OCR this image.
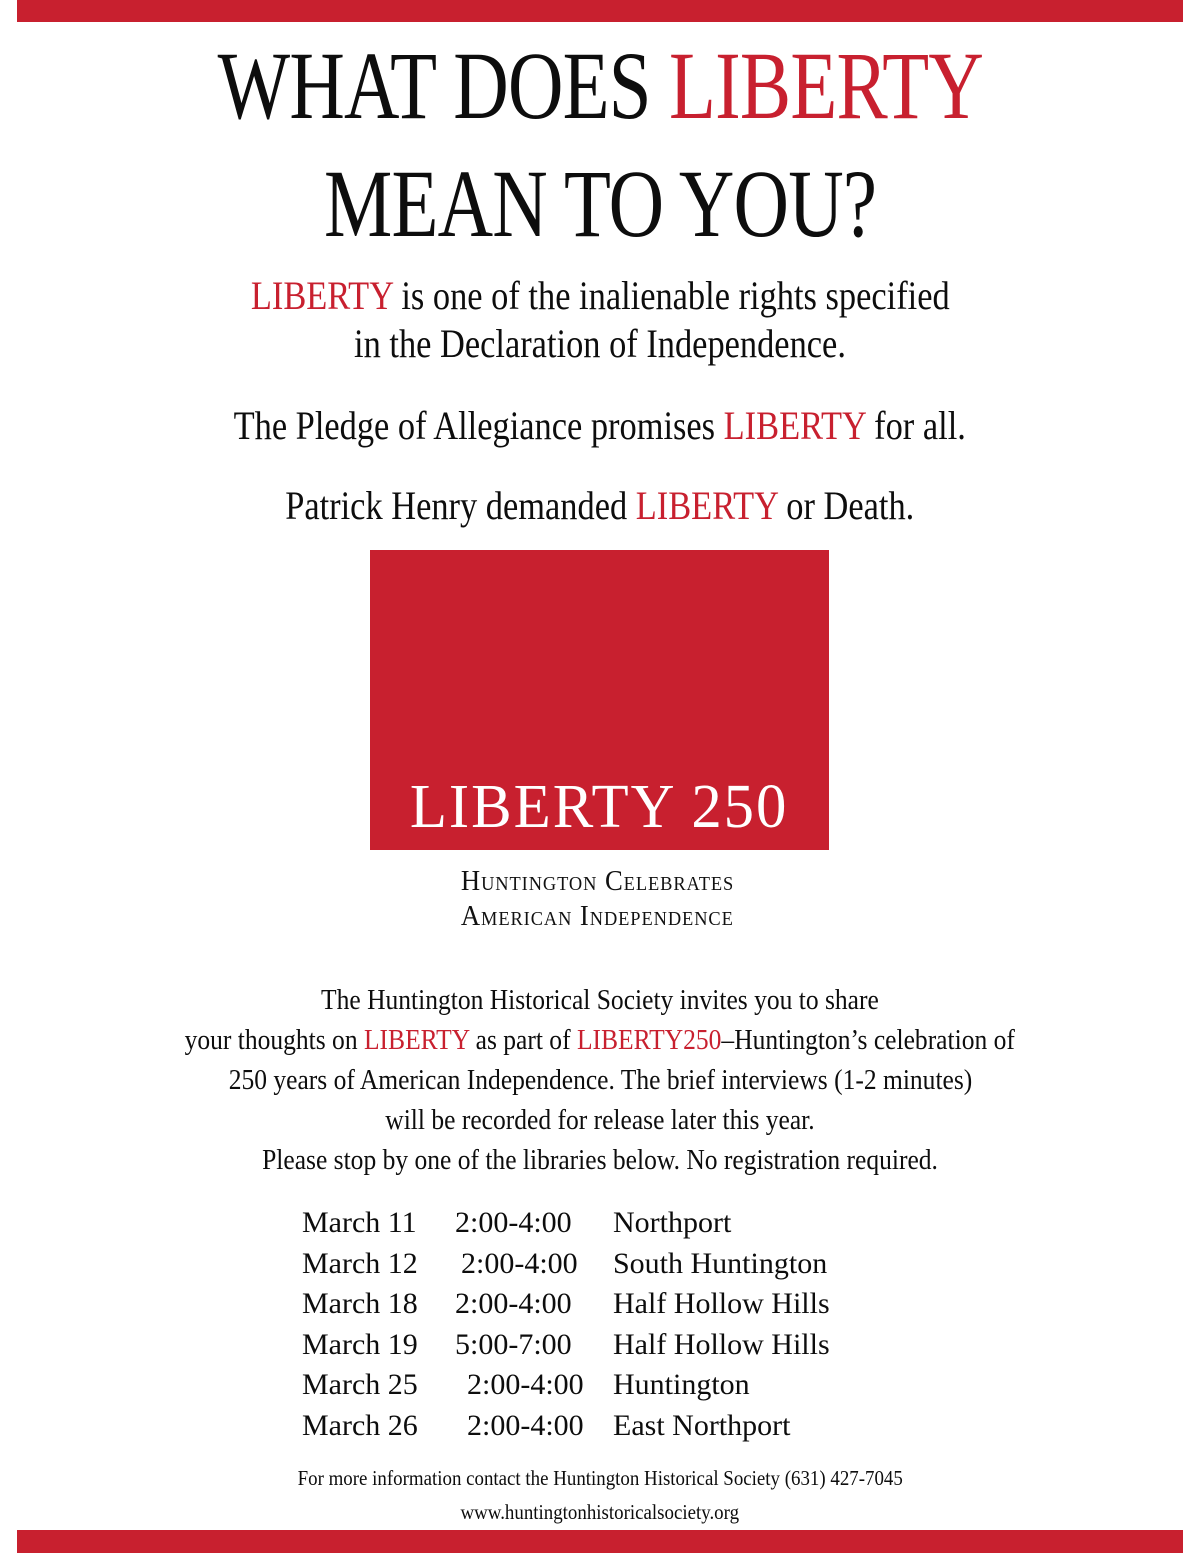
WHAT DOES LIBERTY
MEAN TO YOU?
LIBERTY is one of the inalienable rights specified
in the Declaration of Independence.
The Pledge of Allegiance promises LIBERTY for all.
Patrick Henry demanded LIBERTY or Death.
LIBERTY 250
Huntington Celebrates
American Independence
The Huntington Historical Society invites you to share
your thoughts on LIBERTY as part of LIBERTY250–Huntington’s celebration of
250 years of American Independence. The brief interviews (1-2 minutes)
will be recorded for release later this year.
Please stop by one of the libraries below. No registration required.
March 11 2:00-4:00 Northport
March 12 2:00-4:00 South Huntington
March 18 2:00-4:00 Half Hollow Hills
March 19 5:00-7:00 Half Hollow Hills
March 25 2:00-4:00 Huntington
March 26 2:00-4:00 East Northport
For more information contact the Huntington Historical Society (631) 427-7045
www.huntingtonhistoricalsociety.org
